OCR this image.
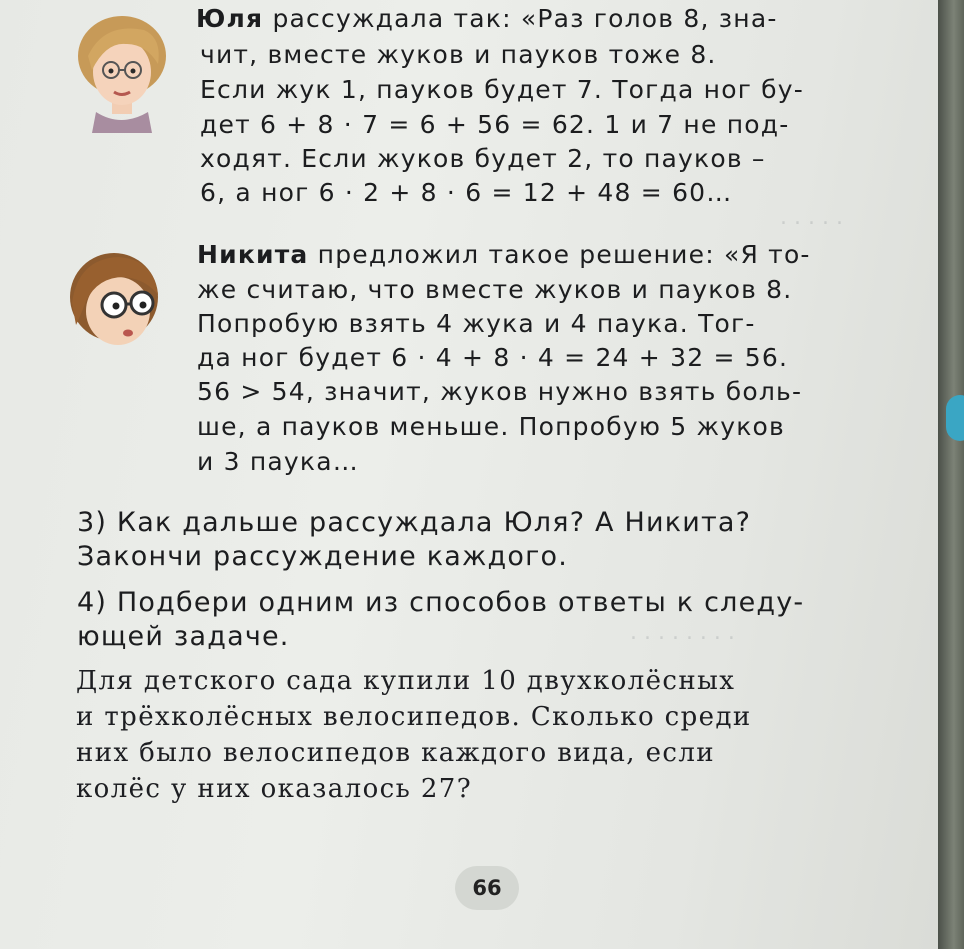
. . . . .
. . . . . . . .
Юля рассуждала так: «Раз голов 8, зна-
чит, вместе жуков и пауков тоже 8.
Если жук 1, пауков будет 7. Тогда ног бу-
дет 6 + 8 · 7 = 6 + 56 = 62. 1 и 7 не под-
ходят. Если жуков будет 2, то пауков –
6, а ног 6 · 2 + 8 · 6 = 12 + 48 = 60…
Никита предложил такое решение: «Я то-
же считаю, что вместе жуков и пауков 8.
Попробую взять 4 жука и 4 паука. Тог-
да ног будет 6 · 4 + 8 · 4 = 24 + 32 = 56.
56 > 54, значит, жуков нужно взять боль-
ше, а пауков меньше. Попробую 5 жуков
и 3 паука…
3) Как дальше рассуждала Юля? А Никита?
Закончи рассуждение каждого.
4) Подбери одним из способов ответы к следу-
ющей задаче.
Для детского сада купили 10 двухколёсных
и трёхколёсных велосипедов. Сколько среди
них было велосипедов каждого вида, если
колёс у них оказалось 27?
66
